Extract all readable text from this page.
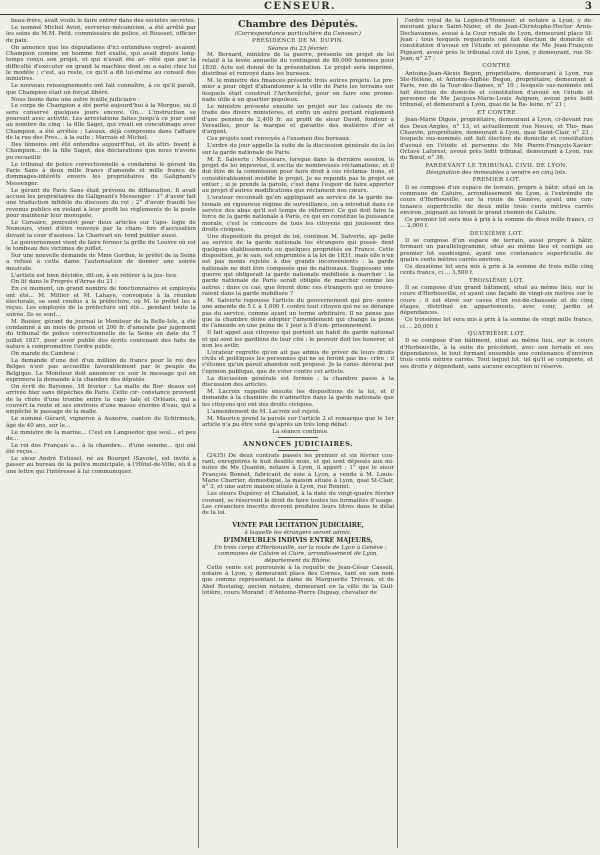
CENSEUR.	3

beau-frère, avait voulu le faire entrer dans des sociétés secrètes.

Le nommé Michel Aviot, serrurier-mécanicien, a été arrêté par les soins de M.M. Petit, commissaire de police, et Rousset, officier de paix.

On annonce que les députations d'ici entendues regret- avaient Champion comme un homme fort exalté, qui avait depuis long-temps conçu son projet, et qui n'avait été ar- rêté que par la difficulté d'exécuter en grand la machine dont on a saisi chez lui le modèle ; c'est, au reste, ce qu'il a dit lui-même au conseil des ministres.

Le nouveau renseignements ont fait connaître, à ce qu'il paraît, que Champion était un forçat libéré.

Nous lisons dans une autre feuille judiciaire :

Le corps de Champion a été porté aujourd'hui à la Morgue, où il sera conservé quelques jours encore. On... L'instruction se poursuit avec activité. Les arrestations faites jusqu'à ce jour sont au nombre de cinq : la fille Saget, qui vivait en concubinage avec Champion, a été arrêtée ; Lavaux, déjà compromis dans l'affaire de la rue des Pres... à la suite ; Marrais et Michel.

Des témoins ont été entendus aujourd'hui, et ils attri- buent à Champion... de la fille Saget, des déclarations que nous n'avons pu recueillir.

Le tribunal de police correctionnelle a condamné le gérant du Paris Sans à deux mille francs d'amende et mille francs de dommages-intérêts envers les propriétaires du Galignani's Messenger.

Le gérant du Paris Sans était prévenu de diffamation. Il avait accusé les propriétaires du Galignani's Messenger : 1° d'avoir fait une traduction infidèle du discours du roi ; 2° d'avoir fraudé les revenus publics en violant à leur profit les règlements de la poste pour maintenir leur monopole.

Le Corsaire, poursuivi pour deux articles sur l'apo- logie de Nemours, vient d'être renvoyé par la cham- bre d'accusation devant la cour d'assises. Le Charivari en- tend publier aussi.

Le gouvernement vient de faire fermer la grille du Louvre où est le tombeau des victimes de juillet.

Sur une nouvelle demande de Mme Gordon, le préfet de la Seine a refusé à cette dame l'autorisation de donner une soirée musicale.

L'artiste est bien décidée, dit-on, à en référer à la jus- tice.

On lit dans le Progrès d'Arras du 21 :

En ce moment, un grand nombre de fonctionnaires et employés ont été... M. Millier et M. Lahaye, convoqués à la réunion électorale, se sont rendus à la préfecture, où M. le préfet les a reçus. Les employés de la préfecture ont été... pendant toute la soirée. Ils se sont...

M. Boisier, gérant du journal le Moniteur de la Belle-Isle, a été condamné à un mois de prison et 200 fr. d'amende par jugement du tribunal de police correctionnelle de la Seine en date du 7 juillet 1837, pour avoir publié des écrits contenant des faits de nature à compromettre l'ordre public.

On mande de Cambrai :

La demande d'une dot d'un million de francs pour le roi des Belges n'est pas accueillie favorablement par le peuple de Belgique. Le Moniteur doit annoncer ce soir le message qui en exprimera la demande à la chambre des députés.

On écrit de Bayonne, 18 février : La malle de Bor- deaux est arrivée hier sans dépêches de Paris. Cette cir- constance provient de la chute d'une trombe entre la capi- tale et Orléans, qui a couvert la route et ses environs d'une masse énorme d'eau, qui a empêché le passage de la malle.

Le nommé Gérard, vigneron à Auxerre, canton de Schirmeck, âgé de 40 ans, sur le...

Le ministre de la marine... C'est en Languedoc que seul... et peu de...

Le roi des Français a... à la chambre... d'une somme... qui ont été reçus...

Le sieur André Estissel, né au Bourget (Savoie), est invité à passer au bureau de la police municipale, à l'Hôtel-de-Ville, où il a une lettre qui l'intéresse à lui communiquer.

Chambre des Députés.
(Correspondance particulière du Censeur.)
PRÉSIDENCE DE M. DUPIN.
Séance du 23 février.

M. Bernard, ministre de la guerre, présente un projet de loi relatif à la levée annuelle du contingent de 80,000 hommes pour 1838. Acte est donné de la présentation. Le projet sera imprimé, distribué et renvoyé dans les bureaux.

M. le ministre des finances présente trois autres projets. Le pre- mier a pour objet d'abandonner à la ville de Paris les terrains sur lesquels était construit l'Archevêché, pour en faire une prome- nade utile à un quartier populeux.

Le ministre présente ensuite un projet sur les caisses de re- traite des divers ministères, et enfin un autre portant règlement d'une pension de 2,400 fr. au profit de sieur David, fondeur à Versailles, pour la marque et garantie des matières d'or et d'argent.

Ces projets sont renvoyés à l'examen des bureaux.

L'ordre du jour appelle la suite de la discussion générale de la loi sur la garde nationale de Paris.

M. E. Salverte : Messieurs, lorsque dans la dernière session, le projet de loi improvisé, il excita de nombreuses réclamations, et il dut être de la commission pour faire droit à ces réclama- tions, et considérablement modifié le projet. Je ne reponds pas le projet en entier ; si je prends la parole, c'est dans l'espoir de faire apporter au projet d'autres modifications que réclament nos cœurs.

L'orateur reconnaît qu'en appliquant au service de la garde na- tionale un rigoureux régime de surveillance, on a introduit dans ce service des abus qu'il est temps de réformer. Ce qui doit faire la force de la garde nationale à Paris, ce qui en constitue la puissance morale, c'est le concours de tous les citoyens qui jouissent des droits civiques.

Une disposition du projet de loi, continue M. Salverte, ap- pelle au service de la garde nationale les étrangers qui possè- dent quelques établissements ou quelques propriétés en France. Cette disposition, je le sais, est empruntée à la loi de 1831, mais elle n'en est pas moins rejetée à des grands inconvénients : la garde nationale ne doit être composée que de nationaux. Supposons une guerre qui obligerait la garde nationale mobilisée à marcher : la garde nationale de Paris serait obligée de marcher comme les autres ; dans ce cas, que feront donc ces étrangers qui se trouve- raient dans la garde mobilisée ?

M. Salverte repousse l'article du gouvernement qui pro- nonce une amende de 5 f. à 1,000 f. contre tout citoyen qui ne se dérange pas du service, comme ayant un terme arbitraire. Il ne pense pas que la chambre doive adopter l'amendement qui change la peine de l'amende en une peine de 1 jour à 5 d'em- prisonnement.

Il fait appel aux citoyens qui portent un habit de garde national et qui sont les gardiens de leur cité : le pouvoir doit les honorer, et non les avilir.

L'orateur regrette qu'on ait pas admis de priver de leurs droits civils et politiques les personnes qui ne se feront pas ins- crire ; il s'étonne qu'un pareil abandon soit proposé. Je la consi- dérerai par l'opinion publique, que de voter contre cet article.

La discussion générale est fermée ; la chambre passe à la discussion des articles.

M. Lacroix rappelle ensuite les dispositions de la loi, et il demande à la chambre de n'admettre dans la garde nationale que les citoyens qui ont des droits civiques.

L'amendement de M. Lacroix est rejeté.

M. Maurice prend la parole sur l'article 2 et remarque que le 1er article n'a pu être voté qu'après un très long débat.

La séance continue.

ANNONCES JUDICIAIRES.

(2435) De deux contrats passés les premier et six février cou- rant, enregistrés le huit desdits mois, et qui sont déposés aux mi- nutes de Me Quantin, notaire à Lyon, il appert : 1° que le sieur François Bonnet, fabricant de soie à Lyon, a vendu à M. Louis-Marie Charrier, domestique, la maison située à Lyon, quai St-Clair, n° 3, et une autre maison située à Lyon, rue Bonnel.

Les sieurs Dupérey et Chataled, à la date du vingt-quatre février courant, se réservent le droit de faire toutes les formalités d'usage. Les créanciers inscrits devront produire leurs titres dans le délai de la loi.

VENTE PAR LICITATION JUDICIAIRE,
à laquelle les étrangers seront admis,
D'IMMEUBLES INDIVIS ENTRE MAJEURS,

En trois corps d'Herbouville, sur la route de Lyon à Genève ; communes de Caluire et Cuire, arrondissement de Lyon, département du Rhône.

Cette vente est poursuivie à la requête de Jean-César Cassoli, notaire à Lyon, y demeurant place des Cornes, tant en son nom que comme représentant la dame de Marguerite Trévoux, et de Abel Rostaing, ancien notaire, demeurant en la ville de la Guil- lotière, cours Morand ; d'Antoine-Pierre Duguay, chevalier de

l'ordre royal de la Légion-d'Honneur, et notaire à Lyon, y de- meurant place Saint-Nizier, et de Jean-Christophe-Hector Arnis-Dechavannes, avoué à la Cour royale de Lyon, demeurant place St-Jean ; tous lesquels requérants ont fait élection de domicile et constitution d'avoué en l'étude et personne de Me Jean-François Pignard, avoué près le tribunal civil de Lyon, y demeurant, rue St-Jean, n° 27 ;

CONTRE

Antoine-Jean-Alexis Begon, propriétaire, demeurant à Lyon, rue Ste-Hélène, et Antoine-Alphée Begon, propriétaire, demeurant à Paris, rue de la Tour-des-Dames, n° 10 ; lesquels sus-nommés ont fait élection de domicile et constitution d'avoué en l'étude et personne de Me Jacques-Marie-Louis Avignon, avoué près ledit tribunal, et demeurant à Lyon, quai de la Ba- leine, n° 21 ;

ET CONTRE

Jean-Marie Digois, propriétaire, demeurant à Lyon, ci-devant rue des Deux-Angles, n° 13, et actuellement rue Neuve, et Tho- mas Chauvin, propriétaire, demeurant à Lyon, quai Saint-Clair, n° 23 ; lesquels sus-nommés ont fait élection de domicile et constitution d'avoué en l'étude et personne de Me Pierre-François-Xavier-Octave Laforest, avoué près ledit tribunal, demeurant à Lyon, rue du Bœuf, n° 36.

PARDEVANT LE TRIBUNAL CIVIL DE LYON.
Désignation des immeubles à vendre en cinq lots.
PREMIER LOT.

Il se compose d'un espace de terrain, propre à bâtir, situé en la commune de Caluire, arrondissement de Lyon, à l'extrémité du cours d'Herbouville, sur la route de Genève, ayant une con- tenance superficielle de deux mille trois cents mètres carrés environ, joignant au levant le grand chemin de Caluire.

Ce premier lot sera mis à prix à la somme de deux mille francs, ci ... 2,000 f.

DEUXIÈME LOT.

Il se compose d'un espace de terrain, aussi propre à bâtir, formant un parallélogramme, situé au même lieu et contigu au premier lot susdésigné, ayant une contenance superficielle de quatre cents mètres carrés environ.

Ce deuxième lot sera mis à prix à la somme de trois mille cinq cents francs, ci ... 3,500 f.

TROISIÈME LOT.

Il se compose d'un grand bâtiment, situé au même lieu, sur le cours d'Herbouville, et ayant une façade de vingt-six mètres sur le cours ; il est élevé sur caves d'un rez-de-chaussée et de cinq étages, distribué en appartements, avec cour, jardin et dépendances.

Ce troisième lot sera mis à prix à la somme de vingt mille francs, ci ... 20,000 f.

QUATRIÈME LOT.

Il se compose d'un bâtiment, situé au même lieu, sur le cours d'Herbouville, à la suite du précédent, avec son terrain et ses dépendances, le tout formant ensemble une contenance d'environ trois cents mètres carrés. Tout lequel lot, tel qu'il se comporte, et ses droits y dépendant, sans aucune exception ni réserve.
